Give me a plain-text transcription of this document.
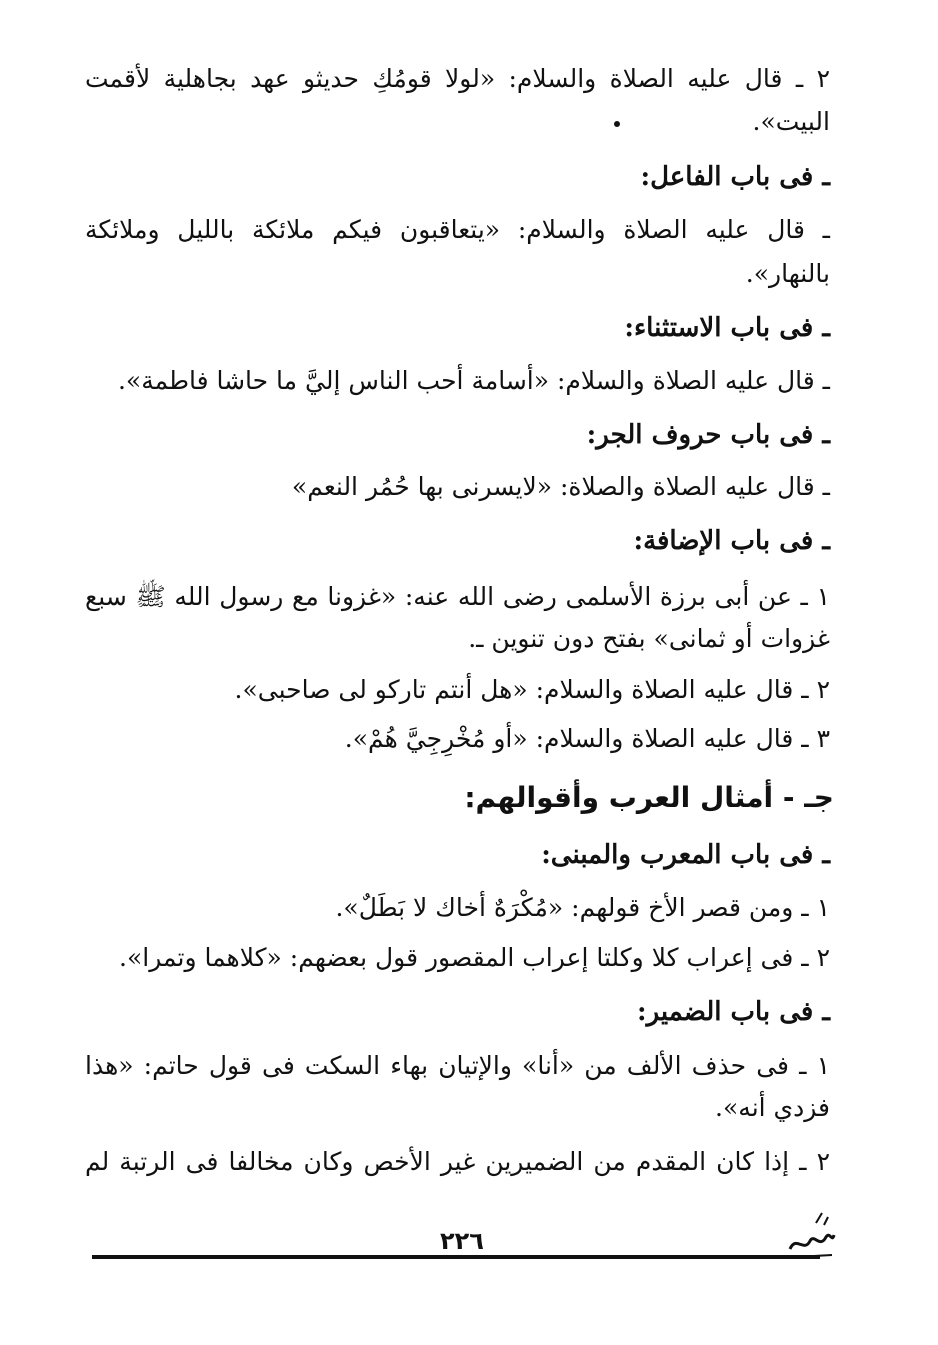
٢ ـ قال عليه الصلاة والسلام: «لولا قومُكِ حديثو عهد بجاهلية لأقمت
البيت».
ـ فى باب الفاعل:
ـ قال عليه الصلاة والسلام: «يتعاقبون فيكم ملائكة بالليل وملائكة
بالنهار».
ـ فى باب الاستثناء:
ـ قال عليه الصلاة والسلام: «أسامة أحب الناس إليَّ ما حاشا فاطمة».
ـ فى باب حروف الجر:
ـ قال عليه الصلاة والصلاة: «لايسرنى بها حُمُر النعم»
ـ فى باب الإضافة:
١ ـ عن أبى برزة الأسلمى رضى الله عنه: «غزونا مع رسول الله ﷺ سبع
غزوات أو ثمانى» بفتح دون تنوين ـ.
٢ ـ قال عليه الصلاة والسلام: «هل أنتم تاركو لى صاحبى».
٣ ـ قال عليه الصلاة والسلام: «أو مُخْرِجِيَّ هُمْ».
جـ - أمثال العرب وأقوالهم:
ـ فى باب المعرب والمبنى:
١ ـ ومن قصر الأخ قولهم: «مُكْرَهٌ أخاك لا بَطَلٌ».
٢ ـ فى إعراب كلا وكلتا إعراب المقصور قول بعضهم: «كلاهما وتمرا».
ـ فى باب الضمير:
١ ـ فى حذف الألف من «أنا» والإتيان بهاء السكت فى قول حاتم: «هذا
فزدي أنه».
٢ ـ إذا كان المقدم من الضميرين غير الأخص وكان مخالفا فى الرتبة لم
٢٢٦
